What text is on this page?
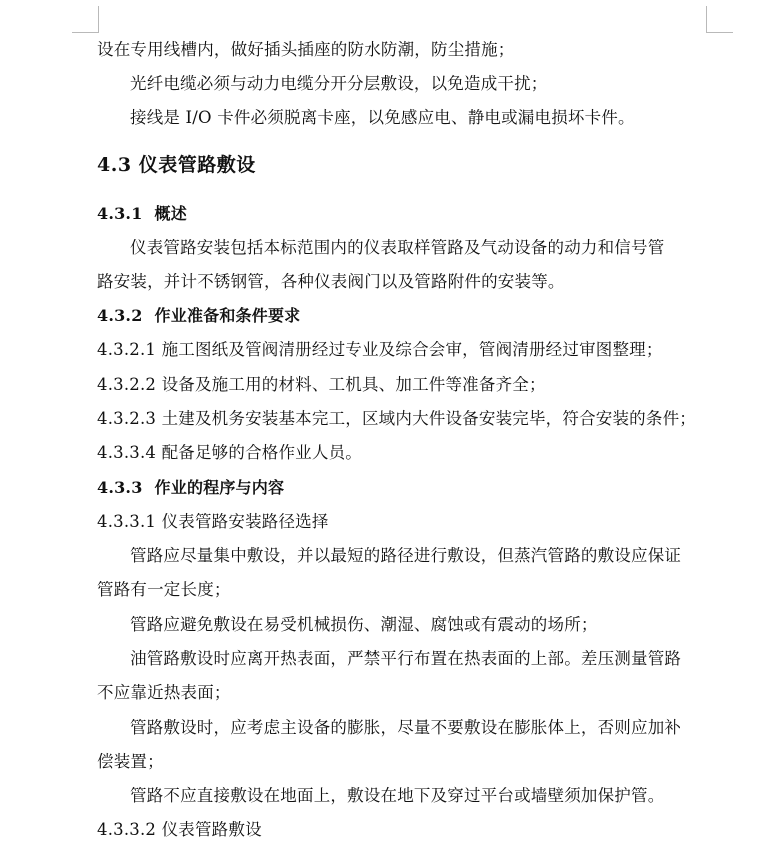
设在专用线槽内，做好插头插座的防水防潮，防尘措施；
光纤电缆必须与动力电缆分开分层敷设，以免造成干扰；
接线是 I/O 卡件必须脱离卡座，以免感应电、静电或漏电损坏卡件。
4.3 仪表管路敷设
4.3.1 概述
仪表管路安装包括本标范围内的仪表取样管路及气动设备的动力和信号管
路安装，并计不锈钢管，各种仪表阀门以及管路附件的安装等。
4.3.2 作业准备和条件要求
4.3.2.1 施工图纸及管阀清册经过专业及综合会审，管阀清册经过审图整理；
4.3.2.2 设备及施工用的材料、工机具、加工件等准备齐全；
4.3.2.3 土建及机务安装基本完工，区域内大件设备安装完毕，符合安装的条件；
4.3.3.4 配备足够的合格作业人员。
4.3.3 作业的程序与内容
4.3.3.1 仪表管路安装路径选择
管路应尽量集中敷设，并以最短的路径进行敷设，但蒸汽管路的敷设应保证
管路有一定长度；
管路应避免敷设在易受机械损伤、潮湿、腐蚀或有震动的场所；
油管路敷设时应离开热表面，严禁平行布置在热表面的上部。差压测量管路
不应靠近热表面；
管路敷设时，应考虑主设备的膨胀，尽量不要敷设在膨胀体上，否则应加补
偿装置；
管路不应直接敷设在地面上，敷设在地下及穿过平台或墙壁须加保护管。
4.3.3.2 仪表管路敷设
